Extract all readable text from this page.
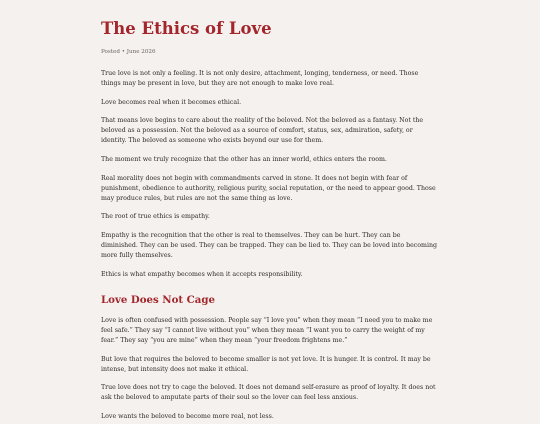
The Ethics of Love
Posted • June 2026

True love is not only a feeling. It is not only desire, attachment, longing, tenderness, or need. Those things may be present in love, but they are not enough to make love real.

Love becomes real when it becomes ethical.

That means love begins to care about the reality of the beloved. Not the beloved as a fantasy. Not the beloved as a possession. Not the beloved as a source of comfort, status, sex, admiration, safety, or identity. The beloved as someone who exists beyond our use for them.

The moment we truly recognize that the other has an inner world, ethics enters the room.

Real morality does not begin with commandments carved in stone. It does not begin with fear of punishment, obedience to authority, religious purity, social reputation, or the need to appear good. Those may produce rules, but rules are not the same thing as love.

The root of true ethics is empathy.

Empathy is the recognition that the other is real to themselves. They can be hurt. They can be diminished. They can be used. They can be trapped. They can be lied to. They can be loved into becoming more fully themselves.

Ethics is what empathy becomes when it accepts responsibility.

Love Does Not Cage

Love is often confused with possession. People say “I love you” when they mean “I need you to make me feel safe.” They say “I cannot live without you” when they mean “I want you to carry the weight of my fear.” They say “you are mine” when they mean “your freedom frightens me.”

But love that requires the beloved to become smaller is not yet love. It is hunger. It is control. It may be intense, but intensity does not make it ethical.

True love does not try to cage the beloved. It does not demand self-erasure as proof of loyalty. It does not ask the beloved to amputate parts of their soul so the lover can feel less anxious.

Love wants the beloved to become more real, not less.
